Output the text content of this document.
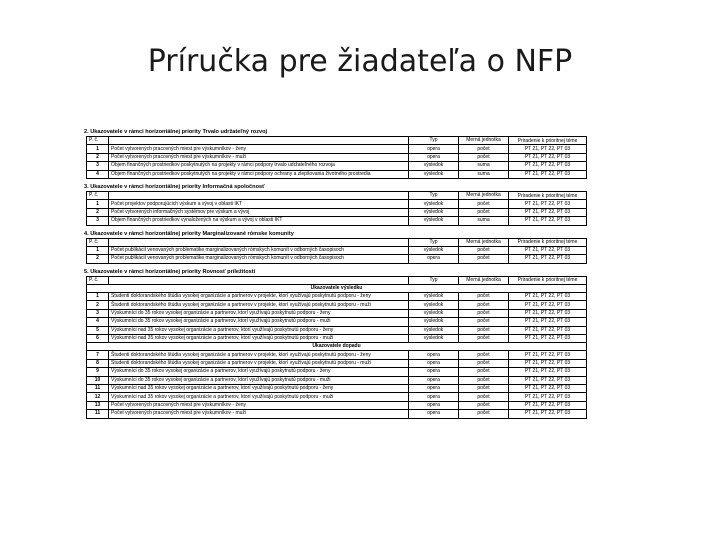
Príručka pre žiadateľa o NFP
2. Ukazovatele v rámci horizontálnej priority Trvalo udržateľný rozvoj
P. č.		Typ	Merná jednotka	Priradenie k prioritnej téme
1	Počet vytvorených pracovných miest pre výskumníkov - ženy	opera	počet	PT 21, PT 22, PT 03
2	Počet vytvorených pracovných miest pre výskumníkov - muži	opera	počet	PT 21, PT 22, PT 03
3	Objem finančných prostriedkov poskytnutých na projekty v rámci podpory trvalo udržateľného rozvoja	výsledok	suma	PT 21, PT 22, PT 03
4	Objem finančných prostriedkov poskytnutých na projekty v rámci podpory ochrany a zlepšovania životného prostredia	výsledok	suma	PT 21, PT 22, PT 03
3. Ukazovatele v rámci horizontálnej priority Informačná spoločnosť
P. č.		Typ	Merná jednotka	Priradenie k prioritnej téme
1	Počet projektov podporujúcich výskum a vývoj v oblasti IKT	výsledok	počet	PT 21, PT 22, PT 03
2	Počet vytvorených informačných systémov pre výskum a vývoj	výsledok	počet	PT 21, PT 22, PT 03
3	Objem finančných prostriedkov vynaložených na výskum a vývoj v oblasti IKT	výsledok	suma	PT 21, PT 22, PT 03
4. Ukazovatele v rámci horizontálnej priority Marginalizované rómske komunity
P. č.		Typ	Merná jednotka	Priradenie k prioritnej téme
1	Počet publikácií venovaných problematike marginalizovaných rómskych komunít v odborných časopisoch	výsledok	počet	PT 21, PT 22, PT 03
2	Počet publikácií venovaných problematike marginalizovaných rómskych komunít v odborných časopisoch	opera	počet	PT 21, PT 22, PT 03
5. Ukazovatele v rámci horizontálnej priority Rovnosť príležitostí
P. č.		Typ	Merná jednotka	Priradenie k prioritnej téme
Ukazovatele výsledku				
1	Študenti doktorandského štúdia vysokej organizácie a partnerov v projekte, ktorí využívajú poskytnutú podporu - ženy	výsledok	počet	PT 21, PT 22, PT 03
2	Študenti doktorandského štúdia vysokej organizácie a partnerov v projekte, ktorí využívajú poskytnutú podporu - muži	výsledok	počet	PT 21, PT 22, PT 03
3	Výskumníci do 35 rokov vysokej organizácie a partnerov, ktorí využívajú poskytnutú podporu - ženy	výsledok	počet	PT 21, PT 22, PT 03
4	Výskumníci do 35 rokov vysokej organizácie a partnerov, ktorí využívajú poskytnutú podporu - muži	výsledok	počet	PT 21, PT 22, PT 03
5	Výskumníci nad 35 rokov vysokej organizácie a partnerov, ktorí využívajú poskytnutú podporu - ženy	výsledok	počet	PT 21, PT 22, PT 03
6	Výskumníci nad 35 rokov vysokej organizácie a partnerov, ktorí využívajú poskytnutú podporu - muži	výsledok	počet	PT 21, PT 22, PT 03
Ukazovatele dopadu				
7	Študenti doktorandského štúdia vysokej organizácie a partnerov v projekte, ktorí využívajú poskytnutú podporu - ženy	opera	počet	PT 21, PT 22, PT 03
8	Študenti doktorandského štúdia vysokej organizácie a partnerov v projekte, ktorí využívajú poskytnutú podporu - muži	opera	počet	PT 21, PT 22, PT 03
9	Výskumníci do 35 rokov vysokej organizácie a partnerov, ktorí využívajú poskytnutú podporu - ženy	opera	počet	PT 21, PT 22, PT 03
10	Výskumníci do 35 rokov vysokej organizácie a partnerov, ktorí využívajú poskytnutú podporu - muži	opera	počet	PT 21, PT 22, PT 03
11	Výskumníci nad 35 rokov vysokej organizácie a partnerov, ktorí využívajú poskytnutú podporu - ženy	opera	počet	PT 21, PT 22, PT 03
12	Výskumníci nad 35 rokov vysokej organizácie a partnerov, ktorí využívajú poskytnutú podporu - muži	opera	počet	PT 21, PT 22, PT 03
13	Počet vytvorených pracovných miest pre výskumníkov - ženy	opera	počet	PT 21, PT 22, PT 03
11	Počet vytvorených pracovných miest pre výskumníkov - muži	opera	počet	PT 21, PT 22, PT 03
